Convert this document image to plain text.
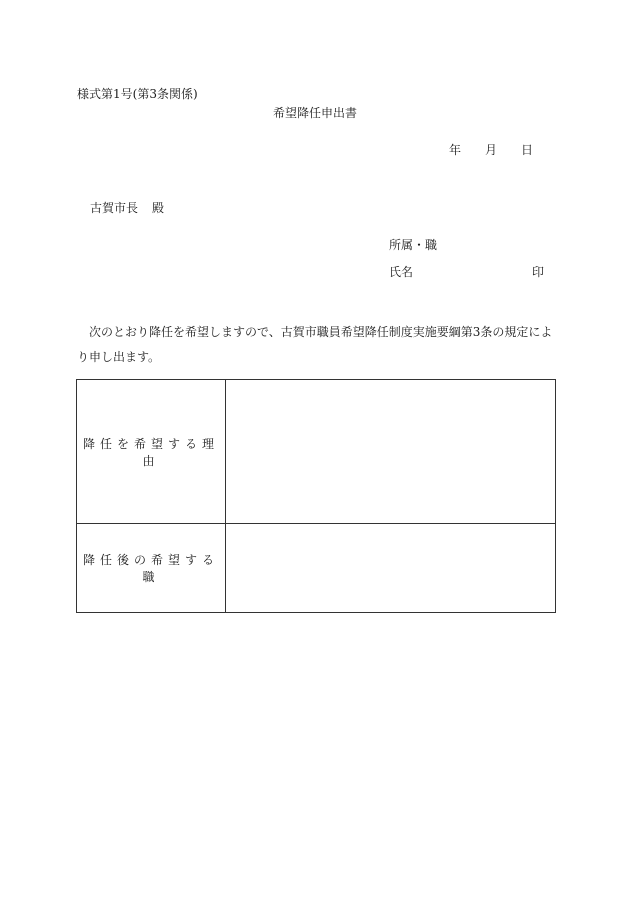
様式第1号(第3条関係)
希望降任申出書
年 月 日
古賀市長 殿
所属・職
氏名	印
次のとおり降任を希望しますので、古賀市職員希望降任制度実施要綱第3条の規定により申し出ます。
降任を希望する理由	
降任後の希望する職	
